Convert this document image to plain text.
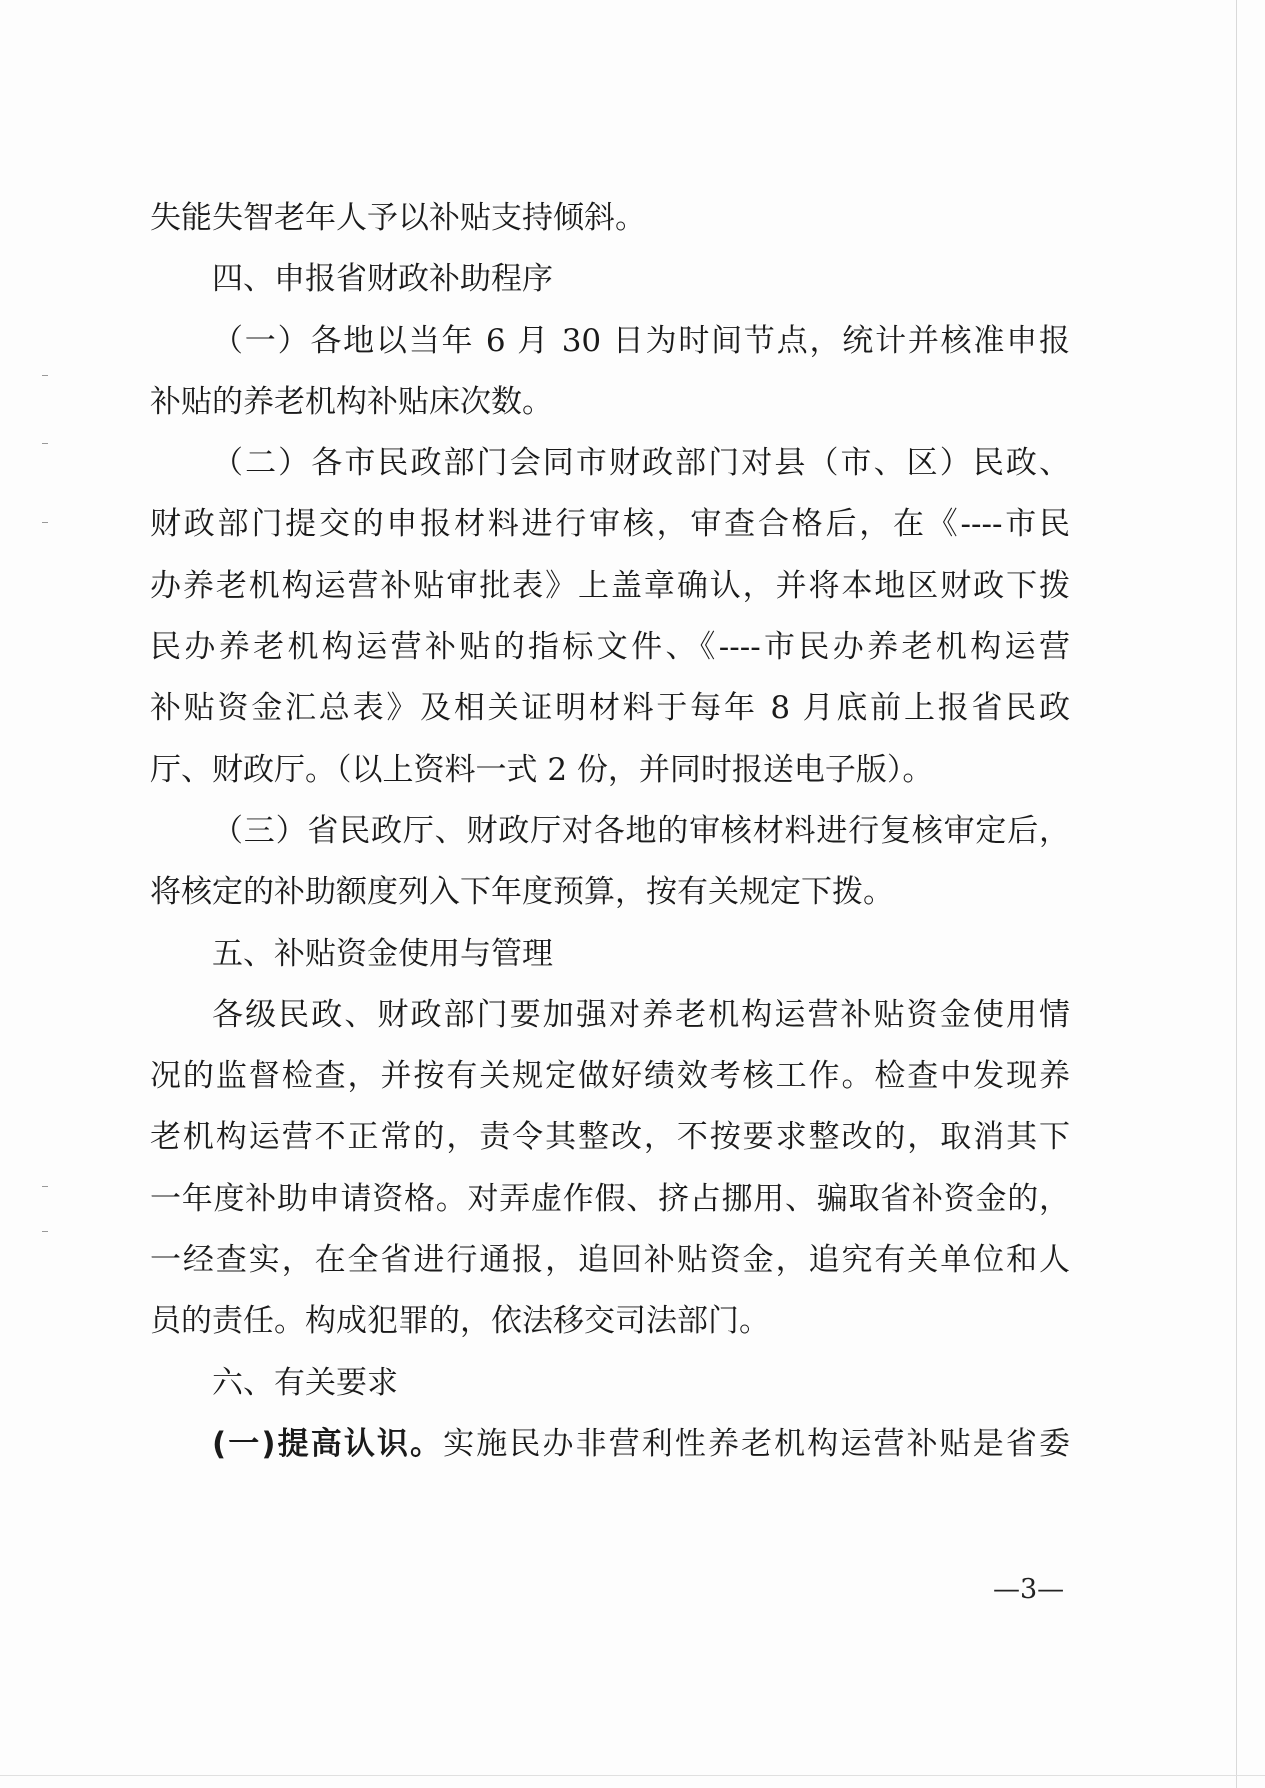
失能失智老年人予以补贴支持倾斜。
四、申报省财政补助程序
（一）各地以当年 6 月 30 日为时间节点，统计并核准申报
补贴的养老机构补贴床次数。
（二）各市民政部门会同市财政部门对县（市、区）民政、
财政部门提交的申报材料进行审核，审查合格后，在《----市民
办养老机构运营补贴审批表》上盖章确认，并将本地区财政下拨
民办养老机构运营补贴的指标文件、《----市民办养老机构运营
补贴资金汇总表》及相关证明材料于每年 8 月底前上报省民政
厅、财政厅。（以上资料一式 2 份，并同时报送电子版）。
（三）省民政厅、财政厅对各地的审核材料进行复核审定后，
将核定的补助额度列入下年度预算，按有关规定下拨。
五、补贴资金使用与管理
各级民政、财政部门要加强对养老机构运营补贴资金使用情
况的监督检查，并按有关规定做好绩效考核工作。检查中发现养
老机构运营不正常的，责令其整改，不按要求整改的，取消其下
一年度补助申请资格。对弄虚作假、挤占挪用、骗取省补资金的，
一经查实，在全省进行通报，追回补贴资金，追究有关单位和人
员的责任。构成犯罪的，依法移交司法部门。
六、有关要求
(一)提高认识。实施民办非营利性养老机构运营补贴是省委
—3—
